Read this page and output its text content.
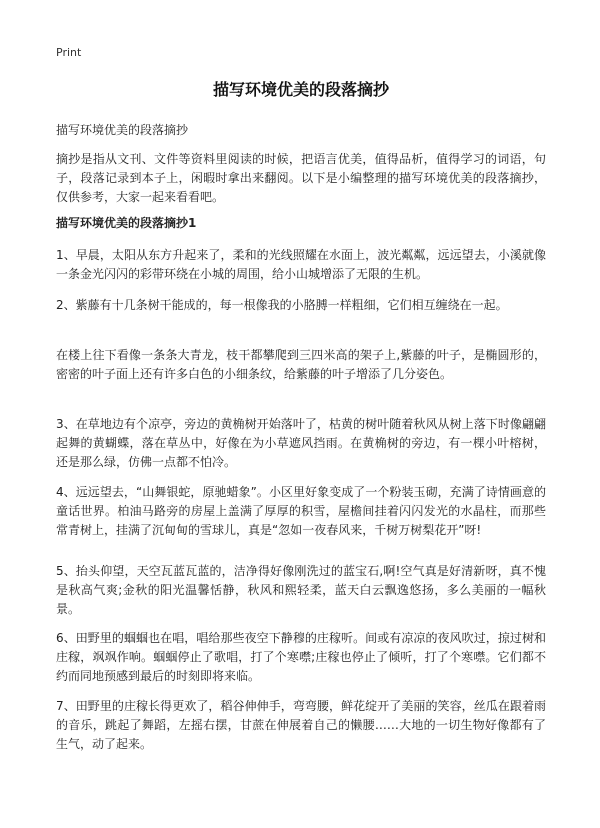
Print
描写环境优美的段落摘抄

描写环境优美的段落摘抄

摘抄是指从文刊、文件等资料里阅读的时候，把语言优美，值得品析，值得学习的词语，句子，段落记录到本子上，闲暇时拿出来翻阅。以下是小编整理的描写环境优美的段落摘抄，仅供参考，大家一起来看看吧。

描写环境优美的段落摘抄1

1、早晨，太阳从东方升起来了，柔和的光线照耀在水面上，波光粼粼，远远望去，小溪就像一条金光闪闪的彩带环绕在小城的周围，给小山城增添了无限的生机。

2、紫藤有十几条树干能成的，每一根像我的小胳膊一样粗细，它们相互缠绕在一起。

在楼上往下看像一条条大青龙，枝干都攀爬到三四米高的架子上,紫藤的叶子，是椭圆形的，密密的叶子面上还有许多白色的小细条纹，给紫藤的叶子增添了几分姿色。

3、在草地边有个凉亭，旁边的黄桷树开始落叶了，枯黄的树叶随着秋风从树上落下时像翩翩起舞的黄蝴蝶，落在草丛中，好像在为小草遮风挡雨。在黄桷树的旁边，有一棵小叶榕树，还是那么绿，仿佛一点都不怕冷。

4、远远望去，“山舞银蛇，原驰蜡象”。小区里好象变成了一个粉装玉砌，充满了诗情画意的童话世界。柏油马路旁的房屋上盖满了厚厚的积雪，屋檐间挂着闪闪发光的水晶柱，而那些常青树上，挂满了沉甸甸的雪球儿，真是“忽如一夜春风来，千树万树梨花开”呀!

5、抬头仰望，天空瓦蓝瓦蓝的，洁净得好像刚洗过的蓝宝石,啊!空气真是好清新呀，真不愧是秋高气爽;金秋的阳光温馨恬静，秋风和熙轻柔，蓝天白云飘逸悠扬，多么美丽的一幅秋景。

6、田野里的蝈蝈也在唱，唱给那些夜空下静穆的庄稼听。间或有凉凉的夜风吹过，掠过树和庄稼，飒飒作响。蝈蝈停止了歌唱，打了个寒噤;庄稼也停止了倾听，打了个寒噤。它们都不约而同地预感到最后的时刻即将来临。

7、田野里的庄稼长得更欢了，稻谷伸伸手，弯弯腰，鲜花绽开了美丽的笑容，丝瓜在跟着雨的音乐，跳起了舞蹈，左摇右摆，甘蔗在伸展着自己的懒腰……大地的一切生物好像都有了生气，动了起来。
